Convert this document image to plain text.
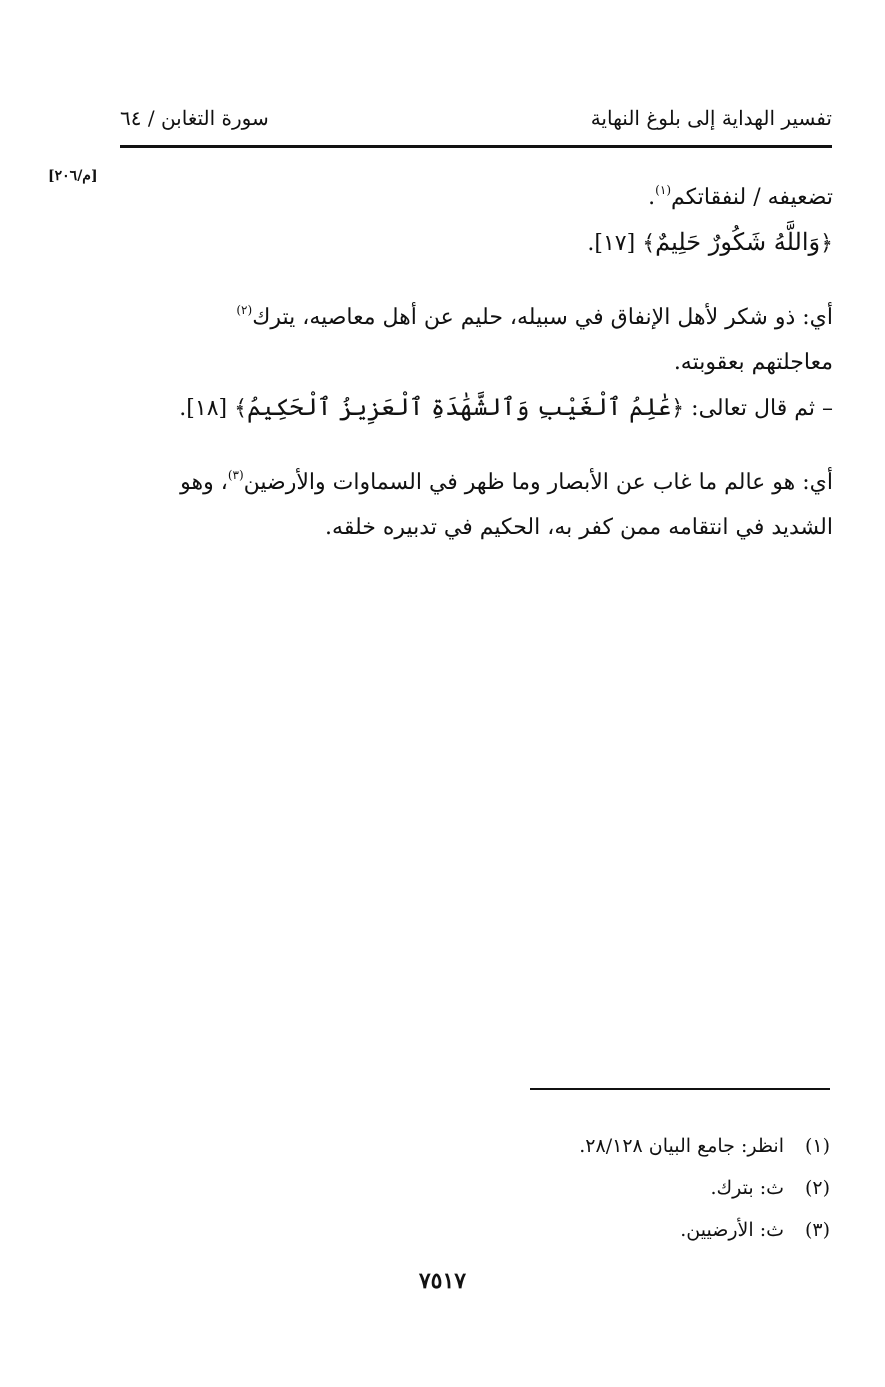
تفسير الهداية إلى بلوغ النهاية
سورة التغابن / ٦٤
[م/٢٠٦]
تضعيفه / لنفقاتكم$^{(١)}$.
﴿وَاللَّهُ شَكُورٌ حَلِيمٌ﴾ [١٧].
أي: ذو شكر لأهل الإنفاق في سبيله، حليم عن أهل معاصيه، يترك$^{(٢)}$
معاجلتهم بعقوبته.
– ثم قال تعالى: ﴿عَٰلِمُ ٱلْغَيْبِ وَٱلشَّهَٰدَةِ ٱلْعَزِيزُ ٱلْحَكِيمُ﴾ [١٨].
أي: هو عالم ما غاب عن الأبصار وما ظهر في السماوات والأرضين$^{(٣)}$، وهو
الشديد في انتقامه ممن كفر به، الحكيم في تدبيره خلقه.
(١)انظر: جامع البيان ٢٨/١٢٨.
(٢)ث: بترك.
(٣)ث: الأرضيين.
٧٥١٧
